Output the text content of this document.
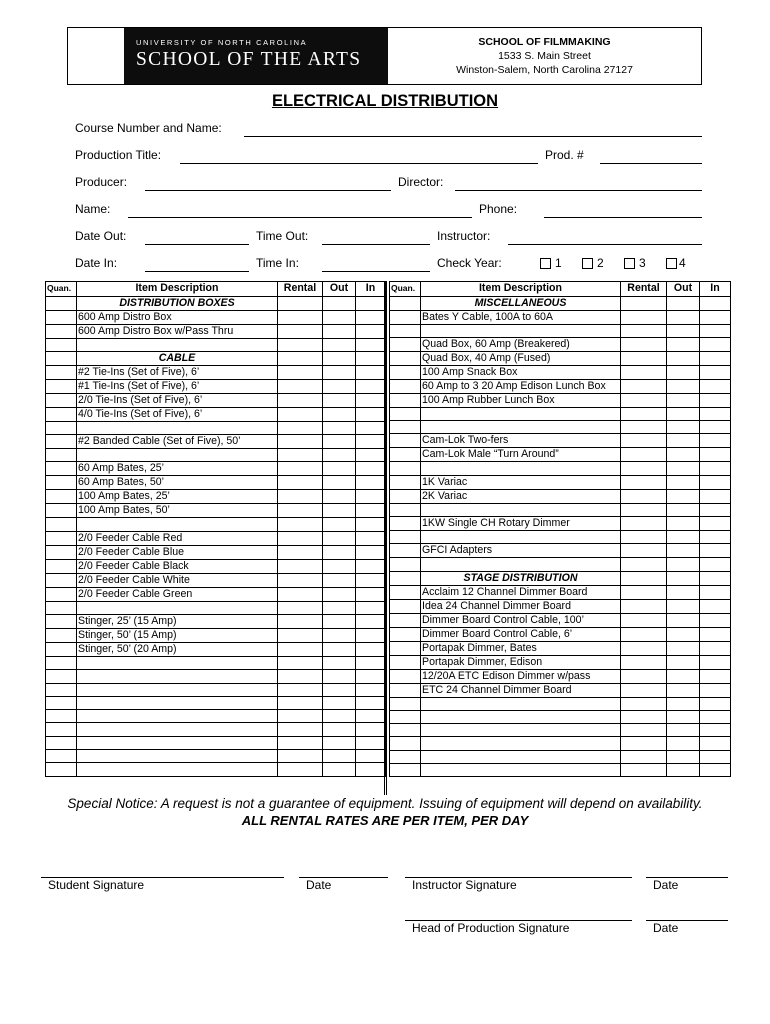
UNIVERSITY OF NORTH CAROLINA
SCHOOL OF THE ARTS
SCHOOL OF FILMMAKING
1533 S. Main Street
Winston-Salem, North Carolina 27127
ELECTRICAL DISTRIBUTION
Course Number and Name:
Production Title:	Prod. #
Producer:	Director:
Name:	Phone:
Date Out:	Time Out:	Instructor:
Date In:	Time In:	Check Year:	1	2	3	4
Quan.	Item Description	Rental	Out	In
	DISTRIBUTION BOXES			
	600 Amp Distro Box			
	600 Amp Distro Box w/Pass Thru			

	CABLE			
	#2 Tie-Ins (Set of Five), 6’			
	#1 Tie-Ins (Set of Five), 6’			
	2/0 Tie-Ins (Set of Five), 6’			
	4/0 Tie-Ins (Set of Five), 6’			

	#2 Banded Cable (Set of Five), 50’			

	60 Amp Bates, 25’			
	60 Amp Bates, 50’			
	100 Amp Bates, 25’			
	100 Amp Bates, 50’			

	2/0 Feeder Cable Red			
	2/0 Feeder Cable Blue			
	2/0 Feeder Cable Black			
	2/0 Feeder Cable White			
	2/0 Feeder Cable Green			

	Stinger, 25’ (15 Amp)			
	Stinger, 50’ (15 Amp)			
	Stinger, 50’ (20 Amp)			

Quan.	Item Description	Rental	Out	In
	MISCELLANEOUS			
	Bates Y Cable, 100A to 60A			

	Quad Box, 60 Amp (Breakered)			
	Quad Box, 40 Amp (Fused)			
	100 Amp Snack Box			
	60 Amp to 3 20 Amp Edison Lunch Box			
	100 Amp Rubber Lunch Box			

	Cam-Lok Two-fers			
	Cam-Lok Male “Turn Around”			

	1K Variac			
	2K Variac			

	1KW Single CH Rotary Dimmer			

	GFCI Adapters			

	STAGE DISTRIBUTION			
	Acclaim 12 Channel Dimmer Board			
	Idea 24 Channel Dimmer Board			
	Dimmer Board Control Cable, 100’			
	Dimmer Board Control Cable, 6’			
	Portapak Dimmer, Bates			
	Portapak Dimmer, Edison			
	12/20A ETC Edison Dimmer w/pass			
	ETC 24 Channel Dimmer Board			

Special Notice: A request is not a guarantee of equipment. Issuing of equipment will depend on availability.
ALL RENTAL RATES ARE PER ITEM, PER DAY
Student Signature	Date	Instructor Signature	Date
Head of Production Signature	Date
